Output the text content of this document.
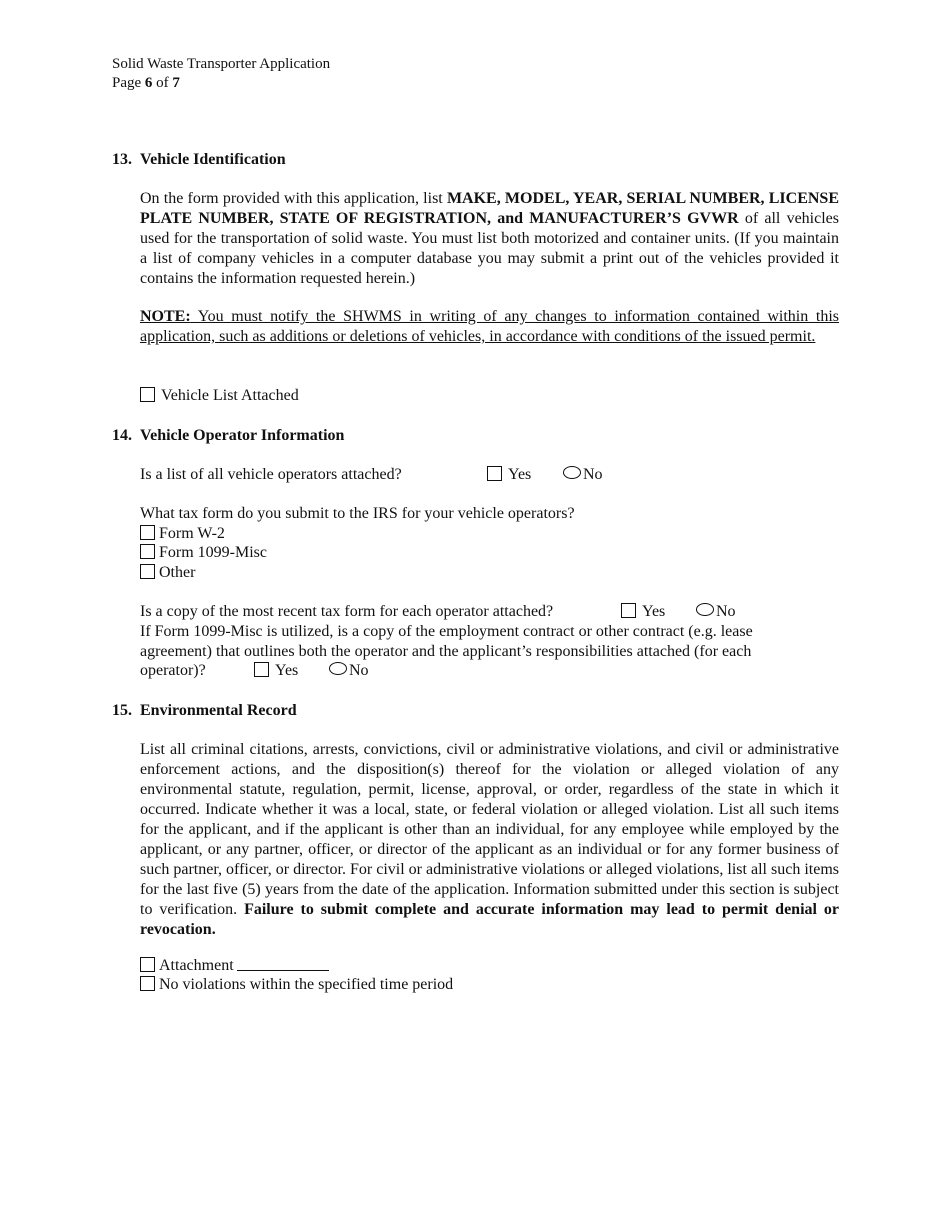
Solid Waste Transporter Application
Page 6 of 7
13. Vehicle Identification
On the form provided with this application, list MAKE, MODEL, YEAR, SERIAL NUMBER, LICENSE PLATE NUMBER, STATE OF REGISTRATION, and MANUFACTURER’S GVWR of all vehicles used for the transportation of solid waste. You must list both motorized and container units. (If you maintain a list of company vehicles in a computer database you may submit a print out of the vehicles provided it contains the information requested herein.)
NOTE: You must notify the SHWMS in writing of any changes to information contained within this application, such as additions or deletions of vehicles, in accordance with conditions of the issued permit.
Vehicle List Attached
14. Vehicle Operator Information
Is a list of all vehicle operators attached?	Yes	No
What tax form do you submit to the IRS for your vehicle operators?
Form W-2
Form 1099-Misc
Other
Is a copy of the most recent tax form for each operator attached?	Yes	No
If Form 1099-Misc is utilized, is a copy of the employment contract or other contract (e.g. lease
agreement) that outlines both the operator and the applicant’s responsibilities attached (for each
operator)?	Yes	No
15. Environmental Record
List all criminal citations, arrests, convictions, civil or administrative violations, and civil or administrative enforcement actions, and the disposition(s) thereof for the violation or alleged violation of any environmental statute, regulation, permit, license, approval, or order, regardless of the state in which it occurred. Indicate whether it was a local, state, or federal violation or alleged violation. List all such items for the applicant, and if the applicant is other than an individual, for any employee while employed by the applicant, or any partner, officer, or director of the applicant as an individual or for any former business of such partner, officer, or director. For civil or administrative violations or alleged violations, list all such items for the last five (5) years from the date of the application. Information submitted under this section is subject to verification. Failure to submit complete and accurate information may lead to permit denial or revocation.
Attachment
No violations within the specified time period
